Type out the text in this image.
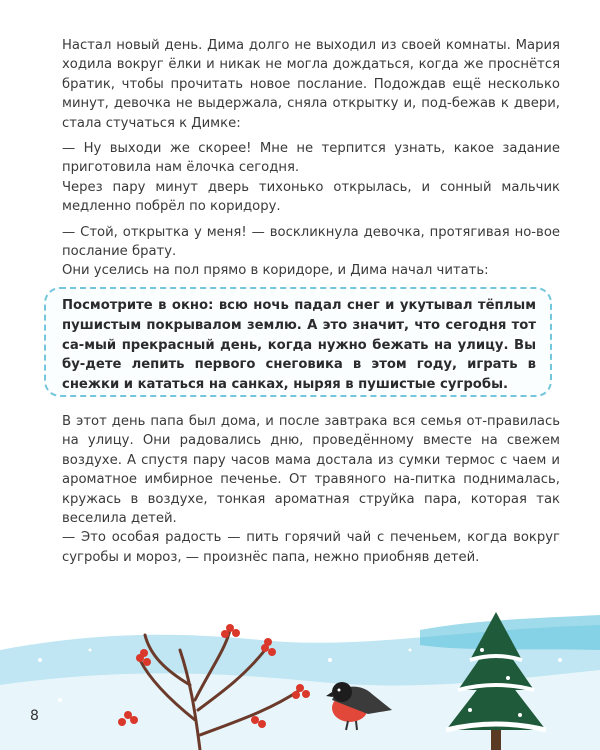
Настал новый день. Дима долго не выходил из своей комнаты. Мария ходила вокруг ёлки и никак не могла дождаться, когда же проснётся братик, чтобы прочитать новое послание. Подождав ещё несколько минут, девочка не выдержала, сняла открытку и, под-бежав к двери, стала стучаться к Димке:

— Ну выходи же скорее! Мне не терпится узнать, какое задание приготовила нам ёлочка сегодня.

Через пару минут дверь тихонько открылась, и сонный мальчик медленно побрёл по коридору.

— Стой, открытка у меня! — воскликнула девочка, протягивая но-вое послание брату.

Они уселись на пол прямо в коридоре, и Дима начал читать:

Посмотрите в окно: всю ночь падал снег и укутывал тёплым пушистым покрывалом землю. А это значит, что сегодня тот са-мый прекрасный день, когда нужно бежать на улицу. Вы бу-дете лепить первого снеговика в этом году, играть в снежки и кататься на санках, ныряя в пушистые сугробы.

В этот день папа был дома, и после завтрака вся семья от-правилась на улицу. Они радовались дню, проведённому вместе на свежем воздухе. А спустя пару часов мама достала из сумки термос с чаем и ароматное имбирное печенье. От травяного на-питка поднималась, кружась в воздухе, тонкая ароматная струйка пара, которая так веселила детей.

— Это особая радость — пить горячий чай с печеньем, когда вокруг сугробы и мороз, — произнёс папа, нежно приобняв детей.

8
